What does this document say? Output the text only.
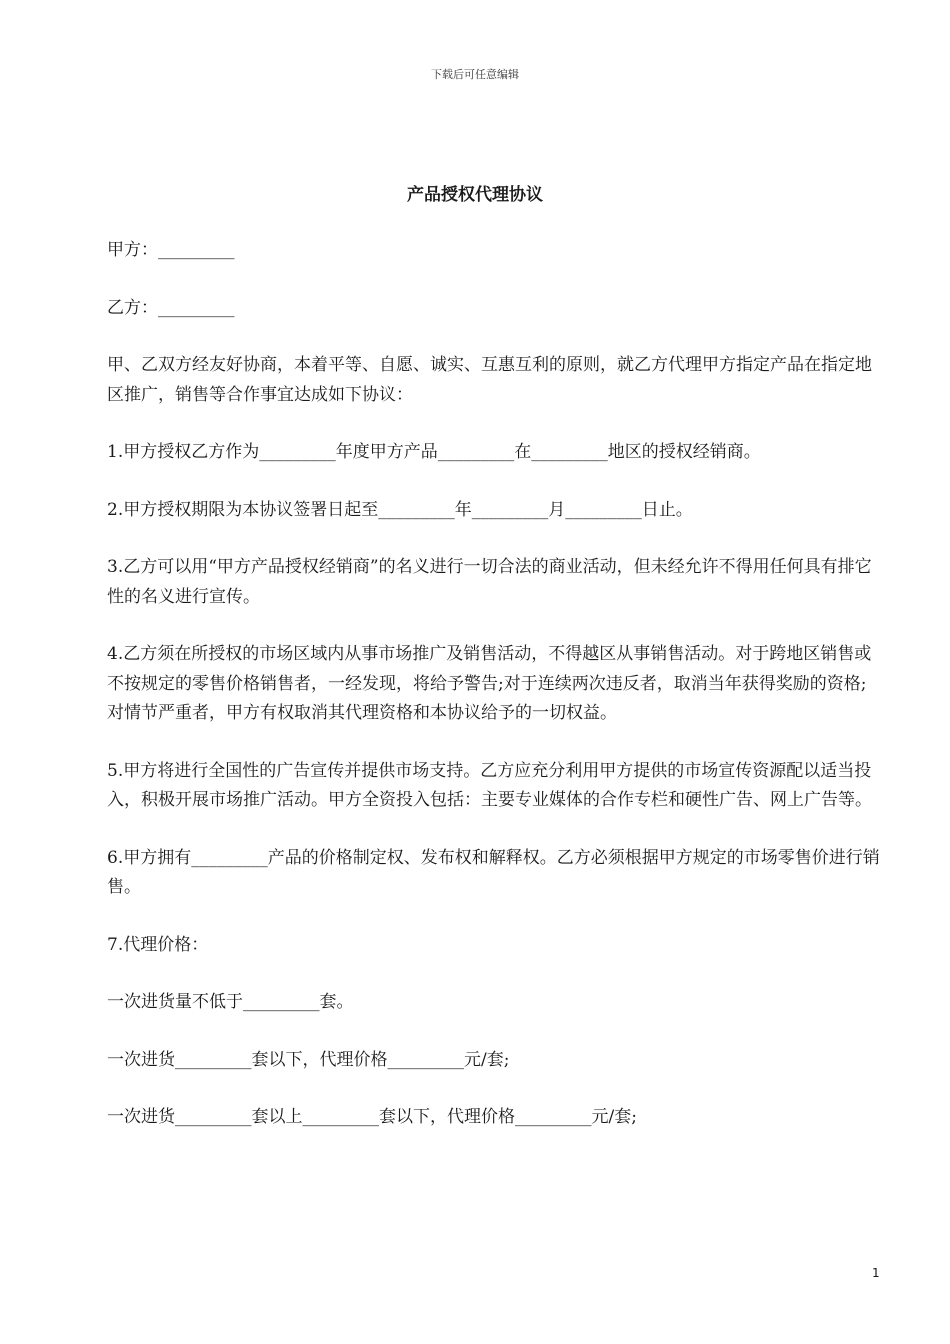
下载后可任意编辑
产品授权代理协议

甲方：_________

乙方：_________

甲、乙双方经友好协商，本着平等、自愿、诚实、互惠互利的原则，就乙方代理甲方指定产品在指定地区推广，销售等合作事宜达成如下协议：

1.甲方授权乙方作为_________年度甲方产品_________在_________地区的授权经销商。

2.甲方授权期限为本协议签署日起至_________年_________月_________日止。

3.乙方可以用“甲方产品授权经销商”的名义进行一切合法的商业活动，但未经允许不得用任何具有排它性的名义进行宣传。

4.乙方须在所授权的市场区域内从事市场推广及销售活动，不得越区从事销售活动。对于跨地区销售或不按规定的零售价格销售者，一经发现，将给予警告;对于连续两次违反者，取消当年获得奖励的资格;对情节严重者，甲方有权取消其代理资格和本协议给予的一切权益。

5.甲方将进行全国性的广告宣传并提供市场支持。乙方应充分利用甲方提供的市场宣传资源配以适当投入，积极开展市场推广活动。甲方全资投入包括：主要专业媒体的合作专栏和硬性广告、网上广告等。

6.甲方拥有_________产品的价格制定权、发布权和解释权。乙方必须根据甲方规定的市场零售价进行销售。

7.代理价格：

一次进货量不低于_________套。

一次进货_________套以下，代理价格_________元/套;

一次进货_________套以上_________套以下，代理价格_________元/套;

1
